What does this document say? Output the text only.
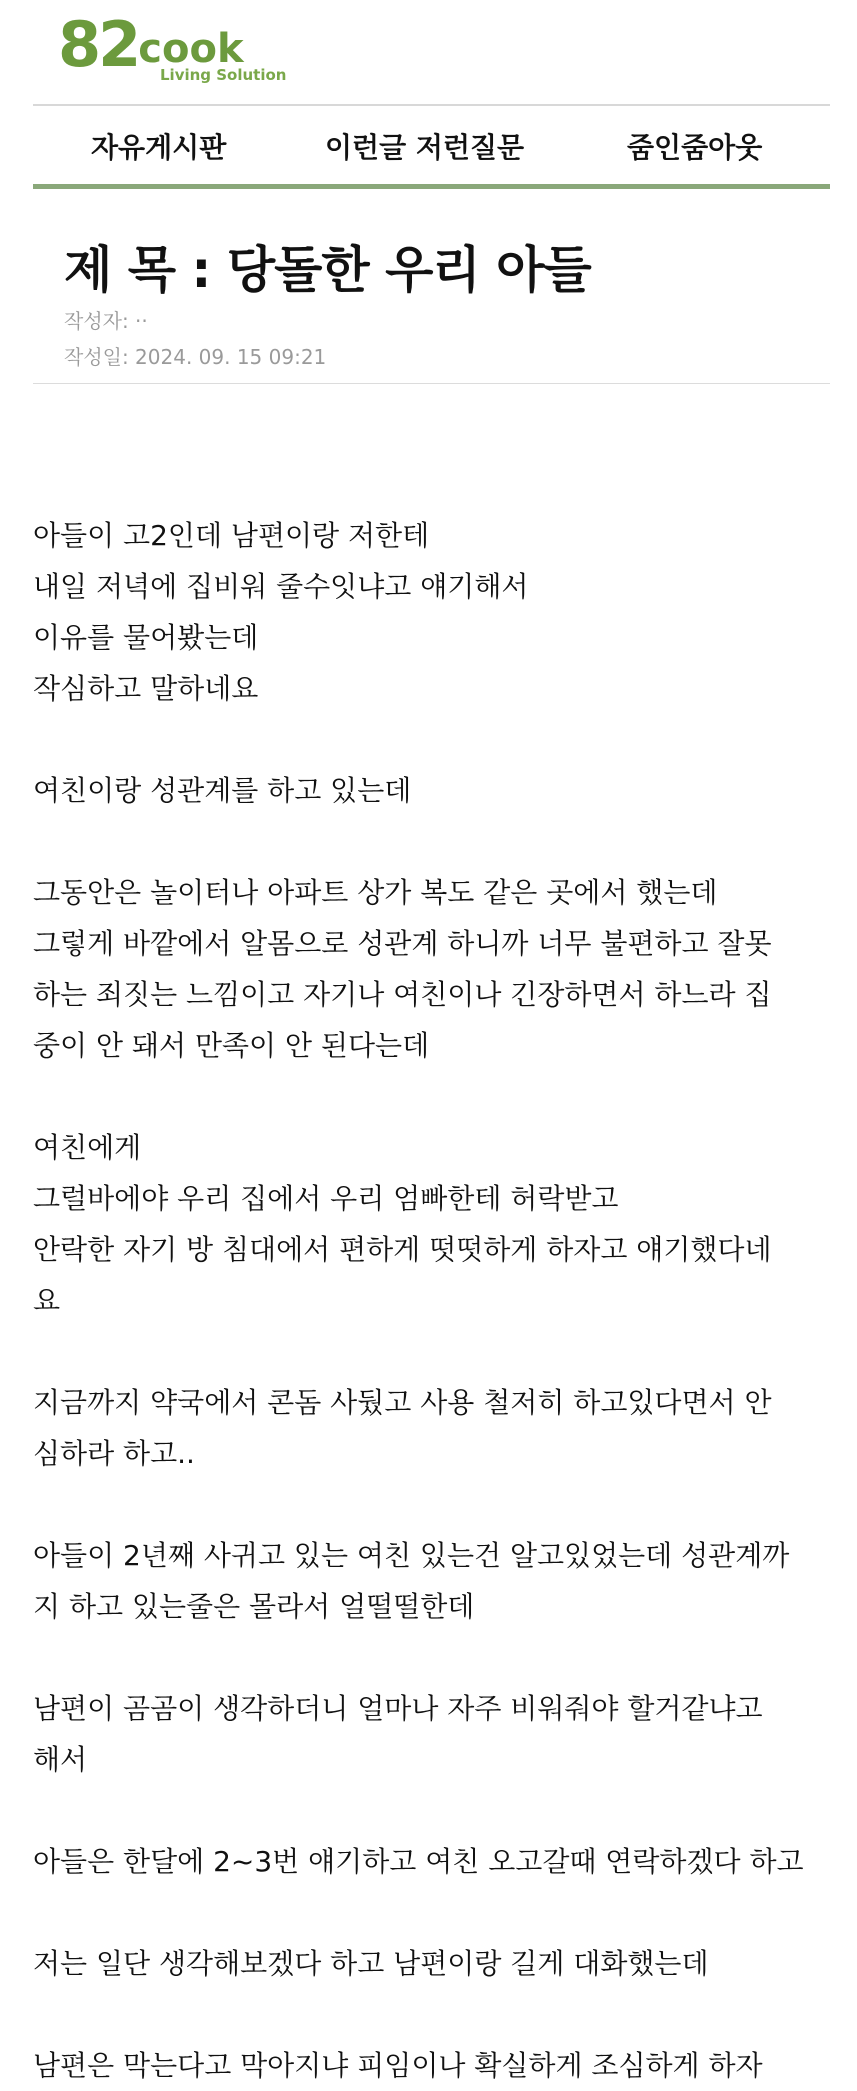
82cook
Living Solution
자유게시판	이런글 저런질문	줌인줌아웃
제 목 : 당돌한 우리 아들
작성자: ··
작성일: 2024. 09. 15 09:21
아들이 고2인데 남편이랑 저한테
내일 저녁에 집비워 줄수잇냐고 얘기해서
이유를 물어봤는데
작심하고 말하네요
여친이랑 성관계를 하고 있는데
그동안은 놀이터나 아파트 상가 복도 같은 곳에서 했는데
그렇게 바깥에서 알몸으로 성관계 하니까 너무 불편하고 잘못
하는 죄짓는 느낌이고 자기나 여친이나 긴장하면서 하느라 집
중이 안 돼서 만족이 안 된다는데
여친에게
그럴바에야 우리 집에서 우리 엄빠한테 허락받고
안락한 자기 방 침대에서 편하게 떳떳하게 하자고 얘기했다네
요
지금까지 약국에서 콘돔 사뒀고 사용 철저히 하고있다면서 안
심하라 하고..
아들이 2년째 사귀고 있는 여친 있는건 알고있었는데 성관계까
지 하고 있는줄은 몰라서 얼떨떨한데
남편이 곰곰이 생각하더니 얼마나 자주 비워줘야 할거같냐고
해서
아들은 한달에 2~3번 얘기하고 여친 오고갈때 연락하겠다 하고
저는 일단 생각해보겠다 하고 남편이랑 길게 대화했는데
남편은 막는다고 막아지냐 피임이나 확실하게 조심하게 하자
